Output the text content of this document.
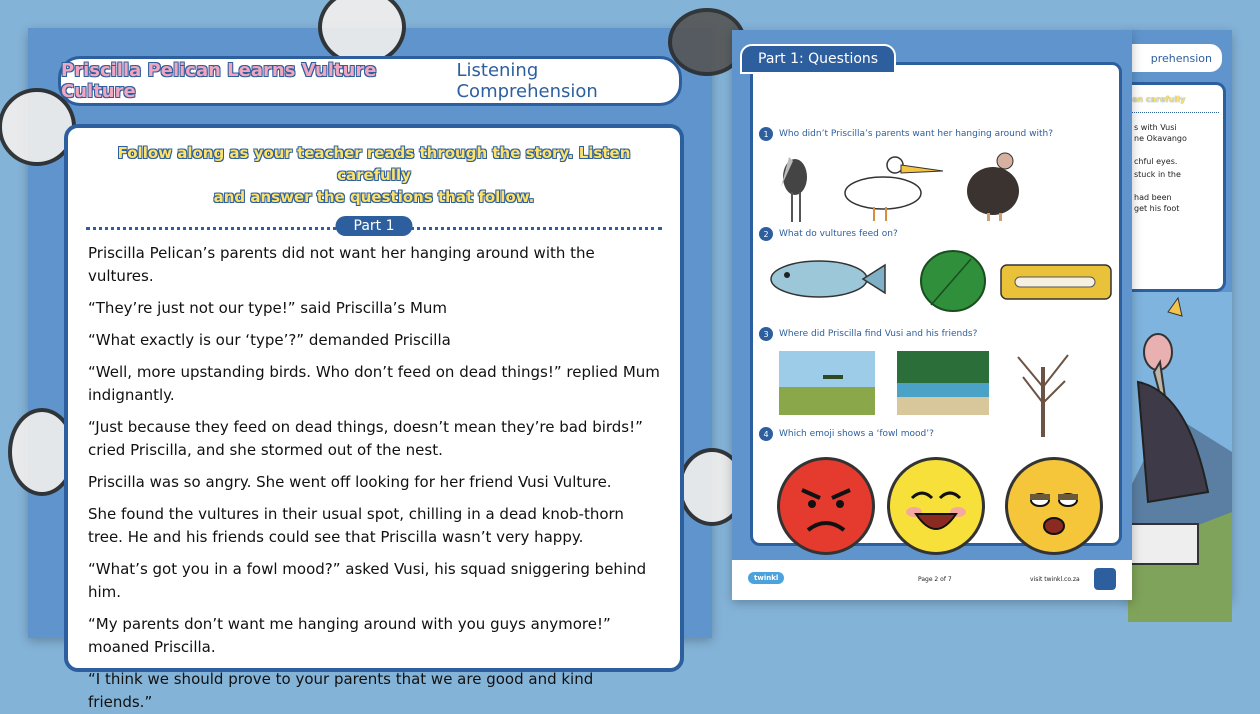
Priscilla Pelican Learns Vulture Culture
Listening Comprehension
Follow along as your teacher reads through the story. Listen carefully
and answer the questions that follow.
Part 1

Priscilla Pelican’s parents did not want her hanging around with the vultures.

“They’re just not our type!” said Priscilla’s Mum

“What exactly is our ‘type’?” demanded Priscilla

“Well, more upstanding birds. Who don’t feed on dead things!” replied Mum indignantly.

“Just because they feed on dead things, doesn’t mean they’re bad birds!” cried Priscilla, and she stormed out of the nest.

Priscilla was so angry. She went off looking for her friend Vusi Vulture.

She found the vultures in their usual spot, chilling in a dead knob-thorn tree. He and his friends could see that Priscilla wasn’t very happy.

“What’s got you in a fowl mood?” asked Vusi, his squad sniggering behind him.

“My parents don’t want me hanging around with you guys anymore!” moaned Priscilla.

“I think we should prove to your parents that we are good and kind friends.”

prehension
en carefully
s with Vusi
ne Okavango
chful eyes.
stuck in the
had been
get his foot
1	Who didn’t Priscilla’s parents want her hanging around with?
2	What do vultures feed on?
3	Where did Priscilla find Vusi and his friends?
4	Which emoji shows a ‘fowl mood’?
Part 1: Questions
twinkl	Page 2 of 7	visit twinkl.co.za
